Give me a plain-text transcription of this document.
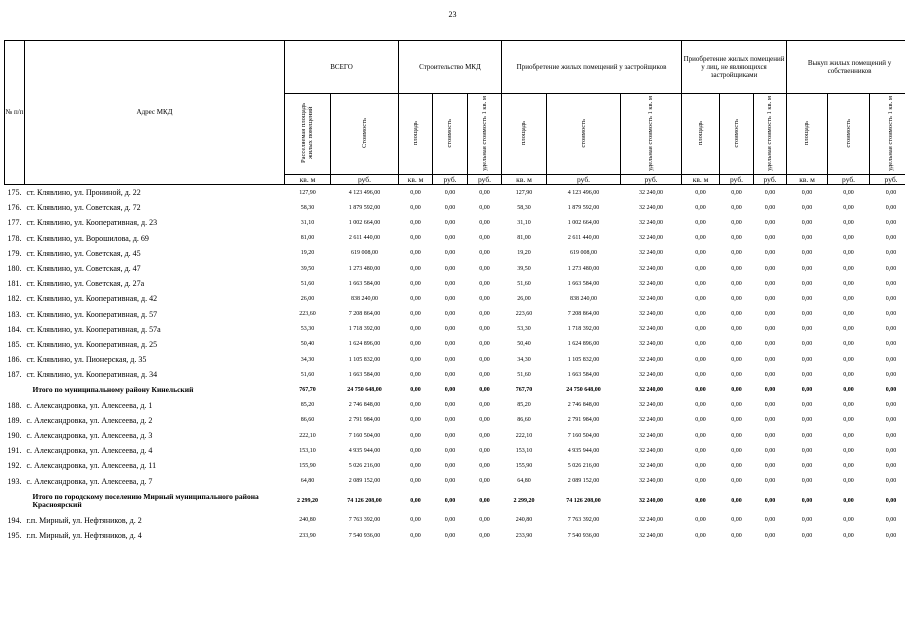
23
№ п/п	Адрес МКД	ВСЕГО		Строительство МКД			Приобретение жилых помещений у застройщиков			Приобретение жилых помещений у лиц, не являющихся застройщиками			Выкуп жилых помещений у собственников		
		Расселяемая площадь жилых помещений	Стоимость	площадь	стоимость	удельная стоимость 1 кв. м	площадь	стоимость	удельная стоимость 1 кв. м	площадь	стоимость	удельная стоимость 1 кв. м	площадь	стоимость	удельная стоимость 1 кв. м
		кв. м	руб.	кв. м	руб.	руб.	кв. м	руб.	руб.	кв. м	руб.	руб.	кв. м	руб.	руб.
175.	ст. Клявлино, ул. Прониной, д. 22	127,90	4 123 496,00	0,00	0,00	0,00	127,90	4 123 496,00	32 240,00	0,00	0,00	0,00	0,00	0,00	0,00
176.	ст. Клявлино, ул. Советская, д. 72	58,30	1 879 592,00	0,00	0,00	0,00	58,30	1 879 592,00	32 240,00	0,00	0,00	0,00	0,00	0,00	0,00
177.	ст. Клявлино, ул. Кооперативная, д. 23	31,10	1 002 664,00	0,00	0,00	0,00	31,10	1 002 664,00	32 240,00	0,00	0,00	0,00	0,00	0,00	0,00
178.	ст. Клявлино, ул. Ворошилова, д. 69	81,00	2 611 440,00	0,00	0,00	0,00	81,00	2 611 440,00	32 240,00	0,00	0,00	0,00	0,00	0,00	0,00
179.	ст. Клявлино, ул. Советская, д. 45	19,20	619 008,00	0,00	0,00	0,00	19,20	619 008,00	32 240,00	0,00	0,00	0,00	0,00	0,00	0,00
180.	ст. Клявлино, ул. Советская, д. 47	39,50	1 273 480,00	0,00	0,00	0,00	39,50	1 273 480,00	32 240,00	0,00	0,00	0,00	0,00	0,00	0,00
181.	ст. Клявлино, ул. Советская, д. 27а	51,60	1 663 584,00	0,00	0,00	0,00	51,60	1 663 584,00	32 240,00	0,00	0,00	0,00	0,00	0,00	0,00
182.	ст. Клявлино, ул. Кооперативная, д. 42	26,00	838 240,00	0,00	0,00	0,00	26,00	838 240,00	32 240,00	0,00	0,00	0,00	0,00	0,00	0,00
183.	ст. Клявлино, ул. Кооперативная, д. 57	223,60	7 208 864,00	0,00	0,00	0,00	223,60	7 208 864,00	32 240,00	0,00	0,00	0,00	0,00	0,00	0,00
184.	ст. Клявлино, ул. Кооперативная, д. 57а	53,30	1 718 392,00	0,00	0,00	0,00	53,30	1 718 392,00	32 240,00	0,00	0,00	0,00	0,00	0,00	0,00
185.	ст. Клявлино, ул. Кооперативная, д. 25	50,40	1 624 896,00	0,00	0,00	0,00	50,40	1 624 896,00	32 240,00	0,00	0,00	0,00	0,00	0,00	0,00
186.	ст. Клявлино, ул. Пионерская, д. 35	34,30	1 105 832,00	0,00	0,00	0,00	34,30	1 105 832,00	32 240,00	0,00	0,00	0,00	0,00	0,00	0,00
187.	ст. Клявлино, ул. Кооперативная, д. 34	51,60	1 663 584,00	0,00	0,00	0,00	51,60	1 663 584,00	32 240,00	0,00	0,00	0,00	0,00	0,00	0,00
Итого по муниципальному району Кинельский		767,70	24 750 648,00	0,00	0,00	0,00	767,70	24 750 648,00	32 240,00	0,00	0,00	0,00	0,00	0,00	0,00
188.	с. Александровка, ул. Алексеева, д. 1	85,20	2 746 848,00	0,00	0,00	0,00	85,20	2 746 848,00	32 240,00	0,00	0,00	0,00	0,00	0,00	0,00
189.	с. Александровка, ул. Алексеева, д. 2	86,60	2 791 984,00	0,00	0,00	0,00	86,60	2 791 984,00	32 240,00	0,00	0,00	0,00	0,00	0,00	0,00
190.	с. Александровка, ул. Алексеева, д. 3	222,10	7 160 504,00	0,00	0,00	0,00	222,10	7 160 504,00	32 240,00	0,00	0,00	0,00	0,00	0,00	0,00
191.	с. Александровка, ул. Алексеева, д. 4	153,10	4 935 944,00	0,00	0,00	0,00	153,10	4 935 944,00	32 240,00	0,00	0,00	0,00	0,00	0,00	0,00
192.	с. Александровка, ул. Алексеева, д. 11	155,90	5 026 216,00	0,00	0,00	0,00	155,90	5 026 216,00	32 240,00	0,00	0,00	0,00	0,00	0,00	0,00
193.	с. Александровка, ул. Алексеева, д. 7	64,80	2 089 152,00	0,00	0,00	0,00	64,80	2 089 152,00	32 240,00	0,00	0,00	0,00	0,00	0,00	0,00
Итого по городскому поселению Мирный муниципального района Красноярский		2 299,20	74 126 208,00	0,00	0,00	0,00	2 299,20	74 126 208,00	32 240,00	0,00	0,00	0,00	0,00	0,00	0,00
194.	г.п. Мирный, ул. Нефтяников, д. 2	240,80	7 763 392,00	0,00	0,00	0,00	240,80	7 763 392,00	32 240,00	0,00	0,00	0,00	0,00	0,00	0,00
195.	г.п. Мирный, ул. Нефтяников, д. 4	233,90	7 540 936,00	0,00	0,00	0,00	233,90	7 540 936,00	32 240,00	0,00	0,00	0,00	0,00	0,00	0,00
